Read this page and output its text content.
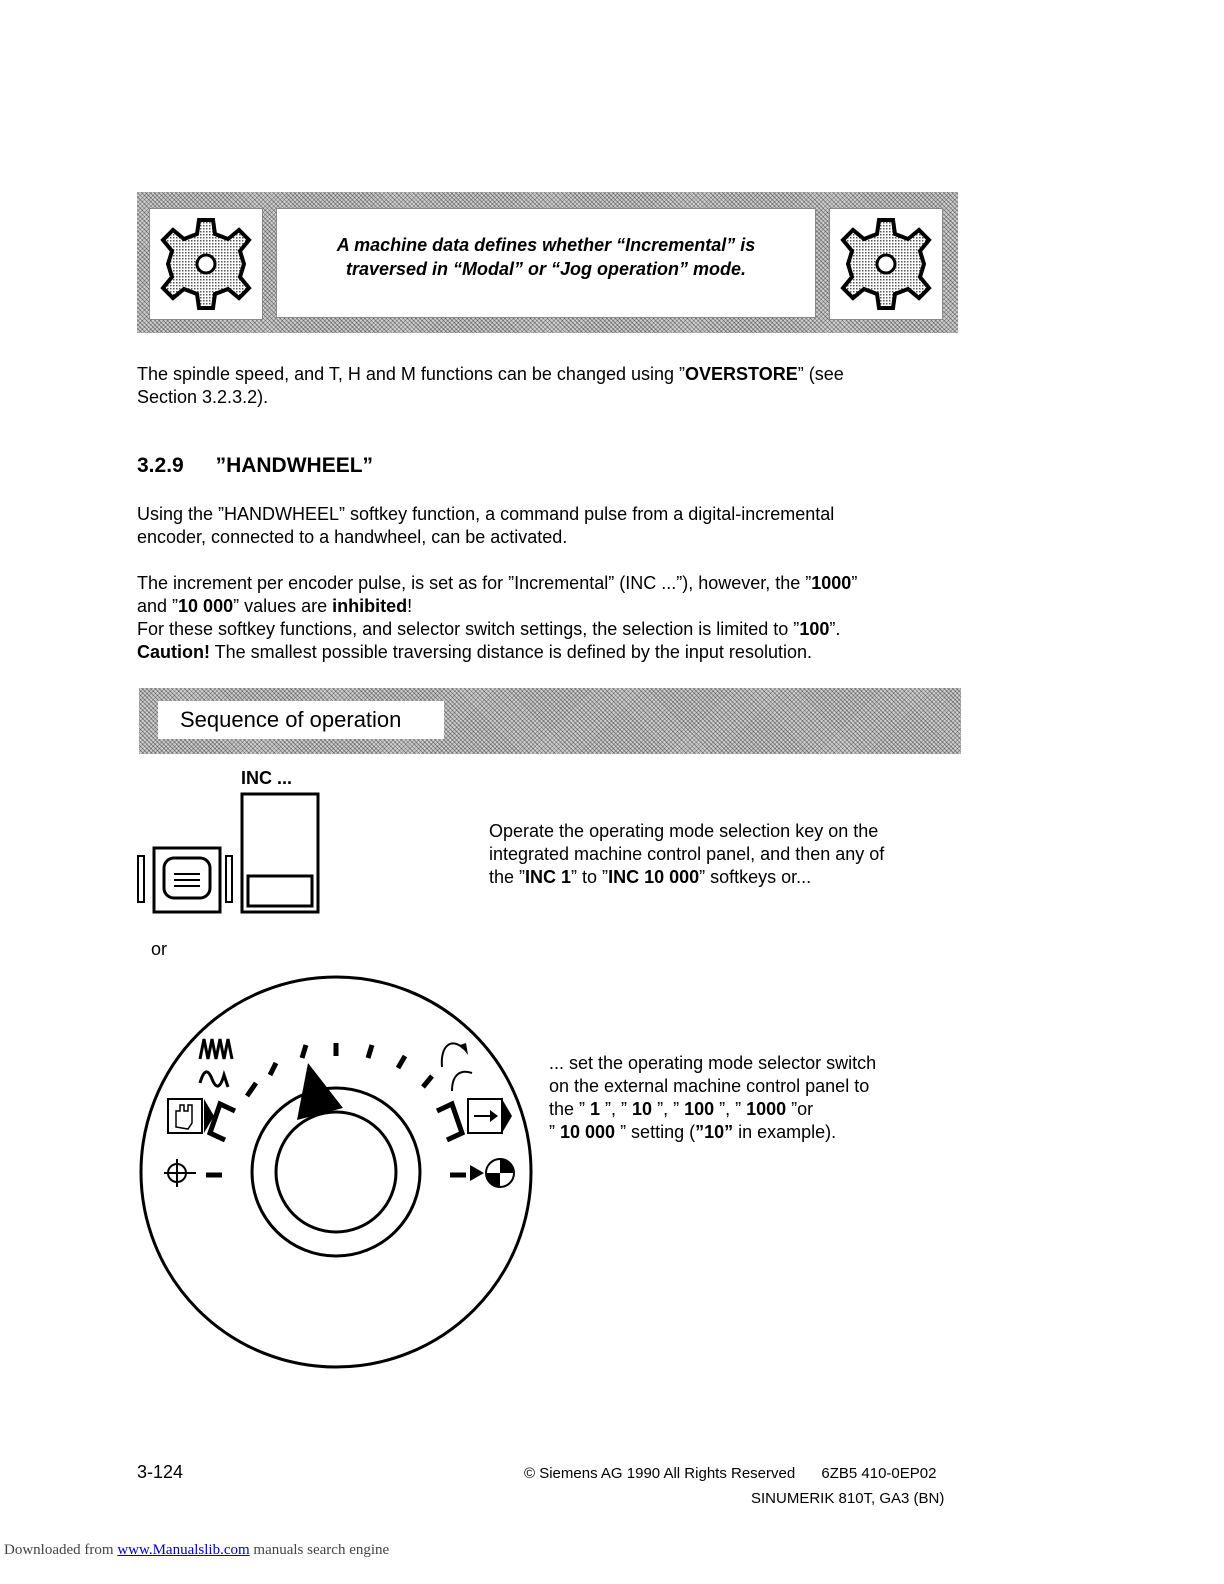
A machine data defines whether “Incremental” is
traversed in “Modal” or “Jog operation” mode.
The spindle speed, and T, H and M functions can be changed using ”OVERSTORE” (see
Section 3.2.3.2).
3.2.9 ”HANDWHEEL”
Using the ”HANDWHEEL” softkey function, a command pulse from a digital-incremental
encoder, connected to a handwheel, can be activated.
The increment per encoder pulse, is set as for ”Incremental” (INC ...”), however, the ”1000”
and ”10 000” values are inhibited!
For these softkey functions, and selector switch settings, the selection is limited to ”100”.
Caution! The smallest possible traversing distance is defined by the input resolution.
Sequence of operation
INC ...
Operate the operating mode selection key on the
integrated machine control panel, and then any of
the ”INC 1” to ”INC 10 000” softkeys or...
or
... set the operating mode selector switch
on the external machine control panel to
the ” 1 ”, ” 10 ”, ” 100 ”, ” 1000 ”or
” 10 000 ” setting (”10” in example).
3-124	© Siemens AG 1990 All Rights Reserved 6ZB5 410-0EP02
SINUMERIK 810T, GA3 (BN)
Downloaded from www.Manualslib.com manuals search engine
